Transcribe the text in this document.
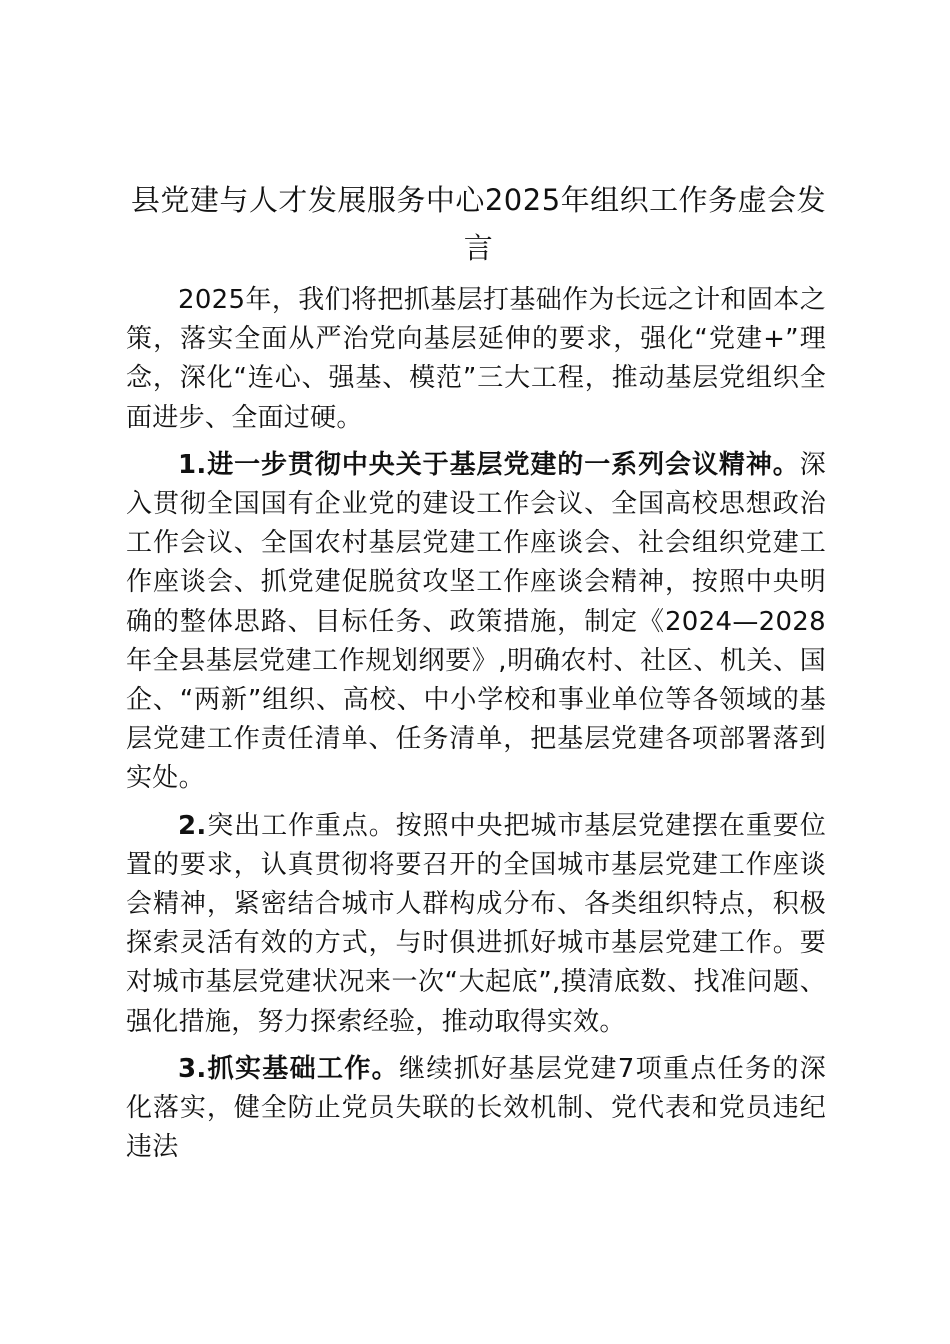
县党建与人才发展服务中心2025年组织工作务虚会发言

2025年，我们将把抓基层打基础作为长远之计和固本之策，落实全面从严治党向基层延伸的要求，强化“党建+”理念，深化“连心、强基、模范”三大工程，推动基层党组织全面进步、全面过硬。

1.进一步贯彻中央关于基层党建的一系列会议精神。深入贯彻全国国有企业党的建设工作会议、全国高校思想政治工作会议、全国农村基层党建工作座谈会、社会组织党建工作座谈会、抓党建促脱贫攻坚工作座谈会精神，按照中央明确的整体思路、目标任务、政策措施，制定《2024—2028年全县基层党建工作规划纲要》,明确农村、社区、机关、国企、“两新”组织、高校、中小学校和事业单位等各领域的基层党建工作责任清单、任务清单，把基层党建各项部署落到实处。

2.突出工作重点。按照中央把城市基层党建摆在重要位置的要求，认真贯彻将要召开的全国城市基层党建工作座谈会精神，紧密结合城市人群构成分布、各类组织特点，积极探索灵活有效的方式，与时俱进抓好城市基层党建工作。要对城市基层党建状况来一次“大起底”,摸清底数、找准问题、强化措施，努力探索经验，推动取得实效。

3.抓实基础工作。继续抓好基层党建7项重点任务的深化落实，健全防止党员失联的长效机制、党代表和党员违纪违法
